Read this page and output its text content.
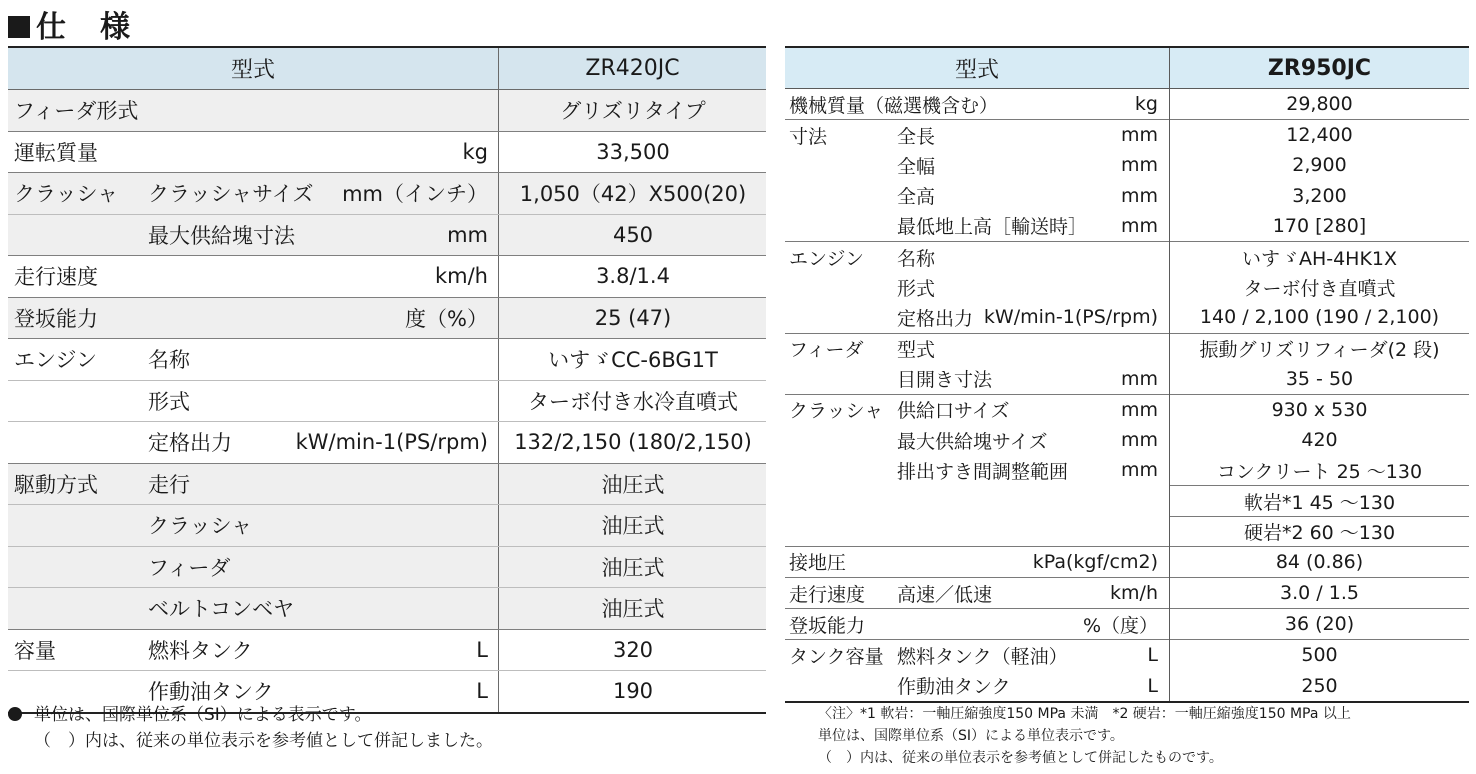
仕　様
型式	ZR420JC
フィーダ形式	グリズリタイプ
運転質量	kg	33,500
クラッシャ クラッシャサイズ mm（インチ）	1,050（42）X500(20)
最大供給塊寸法	mm	450
走行速度	km/h	3.8/1.4
登坂能力	度（%）	25 (47)
エンジン 名称	いすゞCC-6BG1T
形式	ターボ付き水冷直噴式
定格出力	kW/min-1(PS/rpm)	132/2,150 (180/2,150)
駆動方式 走行	油圧式
クラッシャ	油圧式
フィーダ	油圧式
ベルトコンベヤ	油圧式
容量	燃料タンク	L	320
作動油タンク	L	190
型式	ZR950JC
機械質量（磁選機含む）	kg	29,800
寸法	全長	mm	12,400
全幅	mm	2,900
全高	mm	3,200
最低地上高［輸送時］ mm	170 [280]
エンジン 名称	いすゞAH-4HK1X
形式	ターボ付き直噴式
定格出力 kW/min-1(PS/rpm)	140 / 2,100 (190 / 2,100)
フィーダ 型式	振動グリズリフィーダ(2 段)
目開き寸法	mm	35 - 50
クラッシャ 供給口サイズ	mm	930 x 530
最大供給塊サイズ	mm	420
排出すき間調整範囲	mm	コンクリート 25 ～130
軟岩*1 45 ～130
硬岩*2 60 ～130
接地圧	kPa(kgf/cm2)	84 (0.86)
走行速度 高速／低速	km/h	3.0 / 1.5
登坂能力	%（度）	36 (20)
タンク容量 燃料タンク（軽油）	L	500
作動油タンク	L	250
単位は、国際単位系（SI）による表示です。
（　）内は、従来の単位表示を参考値として併記しました。
〈注〉*1 軟岩：一軸圧縮強度150 MPa 未満　*2 硬岩：一軸圧縮強度150 MPa 以上
単位は、国際単位系（SI）による単位表示です。
（　）内は、従来の単位表示を参考値として併記したものです。
